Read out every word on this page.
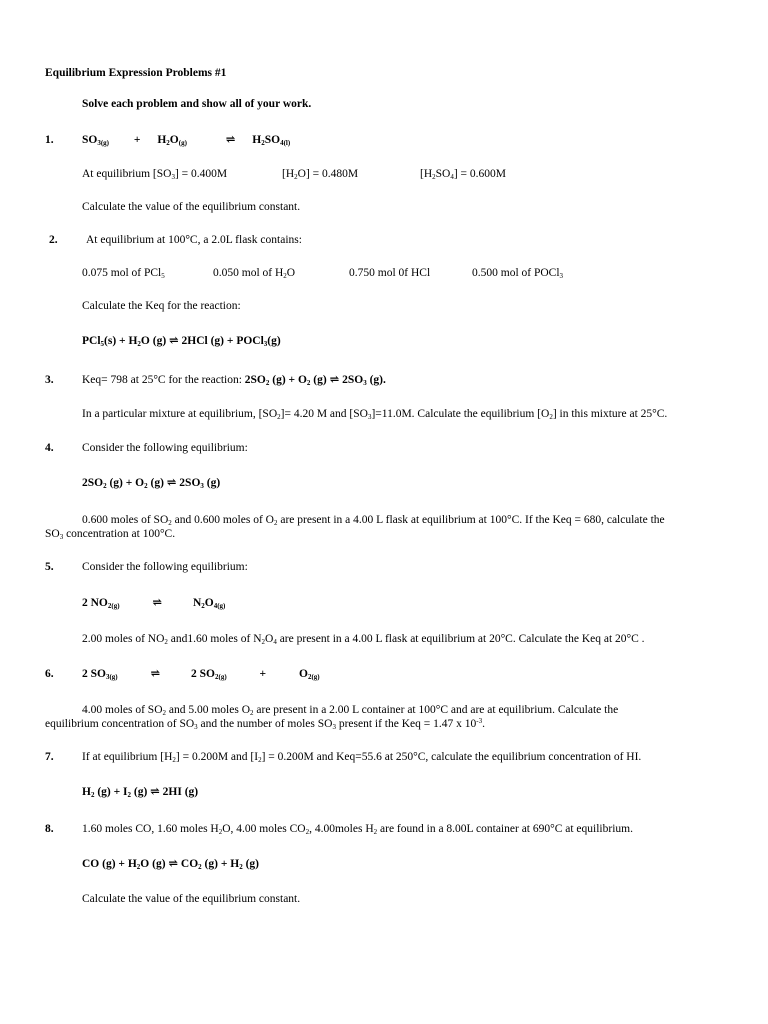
Equilibrium Expression Problems #1
Solve each problem and show all of your work.
1. $SO_{3(g)} + H_2O_{(g)}$	⇌ $H_2SO_{4(l)}$
At equilibrium $[SO_3] = 0.400M$	$[H_2O] = 0.480M$	$[H_2SO_4] = 0.600M$
Calculate the value of the equilibrium constant.
2. At equilibrium at 100°C, a 2.0L flask contains:
0.075 mol of PCl$_5$	0.050 mol of $H_2O$	0.750 mol 0f HCl	0.500 mol of POCl$_3$
Calculate the Keq for the reaction:
$PCl_5(s) + H_2O$ (g) ⇌ 2HCl (g) + POCl$_3$(g)
3. Keq= 798 at 25°C for the reaction: $2SO_2$ $(g) + O_2$ (g) ⇌ $2SO_3$ (g).
In a particular mixture at equilibrium, $[SO_2]= 4.20$ M and $[SO_3]=11.0M$. Calculate the equilibrium $[O_2]$ in this mixture at 25°C.
4. Consider the following equilibrium:
$2SO_2$ $(g) + O_2$ (g) ⇌ $2SO_3$ (g)
0.600 moles of $SO_2$ and 0.600 moles of $O_2$ are present in a 4.00 L flask at equilibrium at 100°C. If the Keq = 680, calculate the
$SO_3$ concentration at 100°C.
5. Consider the following equilibrium:
2 $NO_{2(g)}$	⇌	$N_2O_{4(g)}$
2.00 moles of $NO_2$ and1.60 moles of $N_2O_4$ are present in a 4.00 L flask at equilibrium at 20°C. Calculate the Keq at 20°C .
6. 2 $SO_{3(g)}$	⇌	2 $SO_{2(g)}$	+	$O_{2(g)}$
4.00 moles of $SO_2$ and 5.00 moles $O_2$ are present in a 2.00 L container at 100°C and are at equilibrium. Calculate the
equilibrium concentration of $SO_3$ and the number of moles $SO_3$ present if the Keq = 1.47 x $10^{-3}$.
7. If at equilibrium $[H_2] = 0.200M$ and $[I_2] = 0.200M$ and Keq=55.6 at 250°C, calculate the equilibrium concentration of HI.
$H_2$ $(g) + I_2$ (g) ⇌ 2HI (g)
8. 1.60 moles CO, 1.60 moles $H_2O$, 4.00 moles $CO_2$, 4.00moles $H_2$ are found in a 8.00L container at 690°C at equilibrium.
CO $(g) + H_2O$ (g) ⇌ $CO_2$ $(g) + H_2$ (g)
Calculate the value of the equilibrium constant.
